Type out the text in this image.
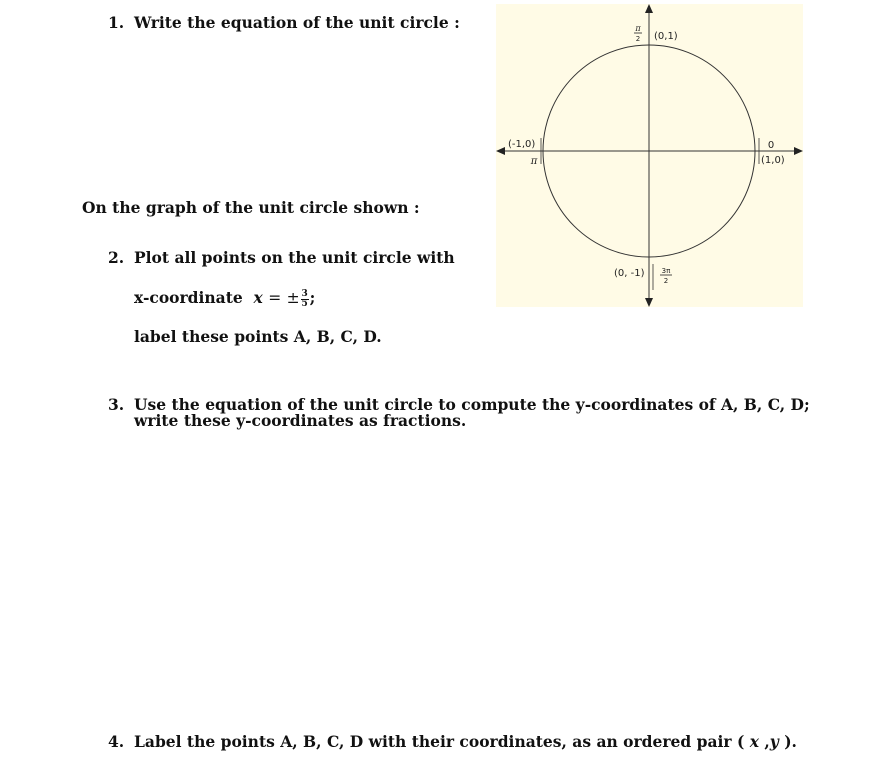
1. Write the equation of the unit circle :
On the graph of the unit circle shown :
2. Plot all points on the unit circle with
x-coordinate x = ± $\frac{3}{5}$ ;
label these points A, B, C, D.
3. Use the equation of the unit circle to compute the y-coordinates of A, B, C, D;
write these y-coordinates as fractions.
4. Label the points A, B, C, D with their coordinates, as an ordered pair ( x ,y ).
π
2 (0,1)
(-1,0)
π
0
(1,0)
(0, -1) 3π
2
